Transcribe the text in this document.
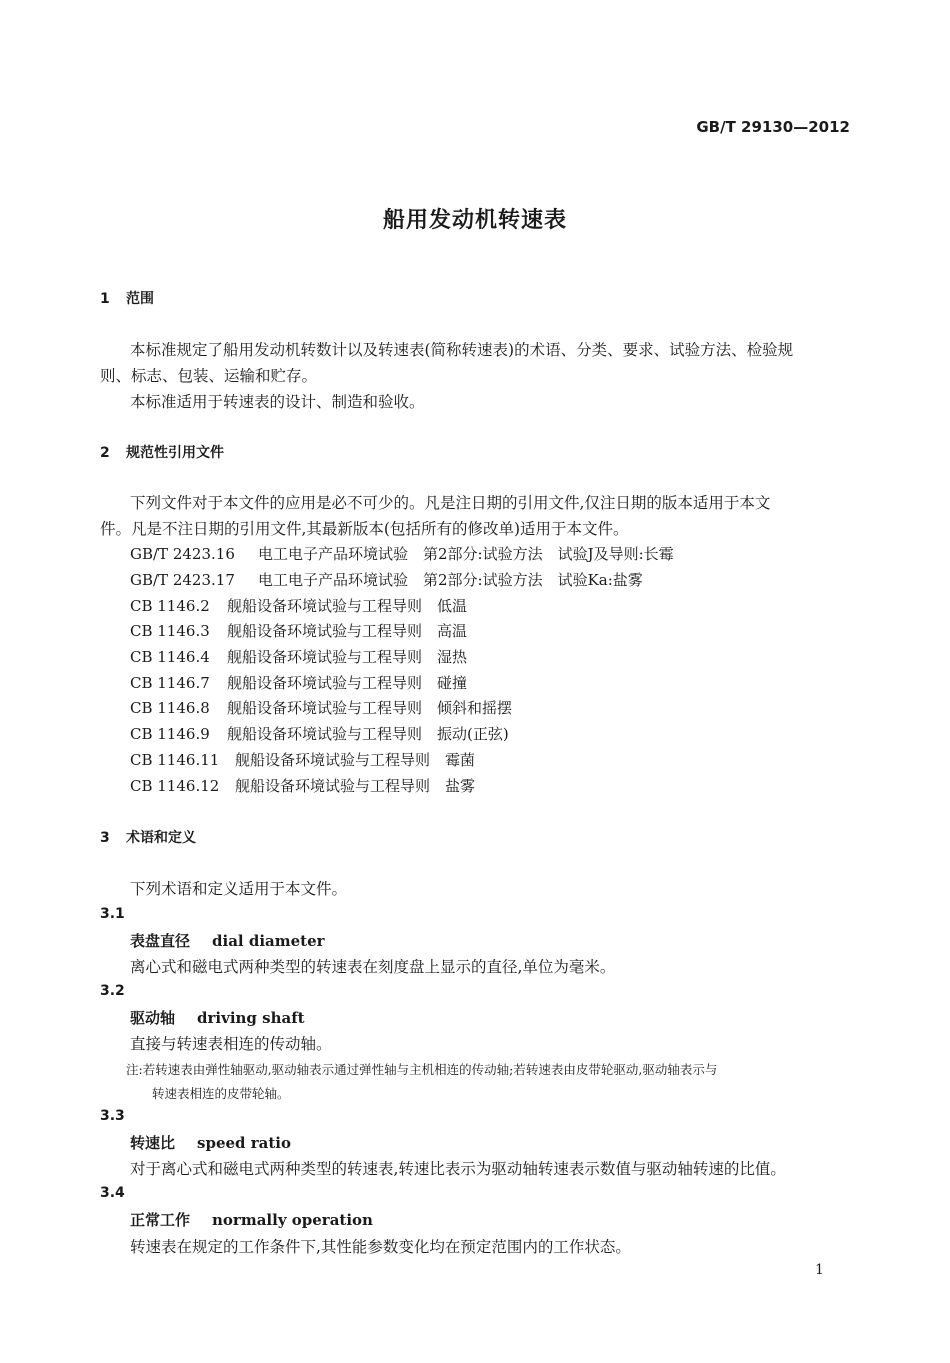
GB/T 29130—2012
船用发动机转速表
1 范围
本标准规定了船用发动机转数计以及转速表(简称转速表)的术语、分类、要求、试验方法、检验规
则、标志、包装、运输和贮存。
本标准适用于转速表的设计、制造和验收。
2 规范性引用文件
下列文件对于本文件的应用是必不可少的。凡是注日期的引用文件,仅注日期的版本适用于本文
件。凡是不注日期的引用文件,其最新版本(包括所有的修改单)适用于本文件。
GB/T 2423.16 电工电子产品环境试验　第2部分:试验方法　试验J及导则:长霉
GB/T 2423.17 电工电子产品环境试验　第2部分:试验方法　试验Ka:盐雾
CB 1146.2 舰船设备环境试验与工程导则　低温
CB 1146.3 舰船设备环境试验与工程导则　高温
CB 1146.4 舰船设备环境试验与工程导则　湿热
CB 1146.7 舰船设备环境试验与工程导则　碰撞
CB 1146.8 舰船设备环境试验与工程导则　倾斜和摇摆
CB 1146.9 舰船设备环境试验与工程导则　振动(正弦)
CB 1146.11 舰船设备环境试验与工程导则　霉菌
CB 1146.12 舰船设备环境试验与工程导则　盐雾
3 术语和定义
下列术语和定义适用于本文件。
3.1
表盘直径 dial diameter
离心式和磁电式两种类型的转速表在刻度盘上显示的直径,单位为毫米。
3.2
驱动轴 driving shaft
直接与转速表相连的传动轴。
注:若转速表由弹性轴驱动,驱动轴表示通过弹性轴与主机相连的传动轴;若转速表由皮带轮驱动,驱动轴表示与
转速表相连的皮带轮轴。
3.3
转速比 speed ratio
对于离心式和磁电式两种类型的转速表,转速比表示为驱动轴转速表示数值与驱动轴转速的比值。
3.4
正常工作 normally operation
转速表在规定的工作条件下,其性能参数变化均在预定范围内的工作状态。
1
